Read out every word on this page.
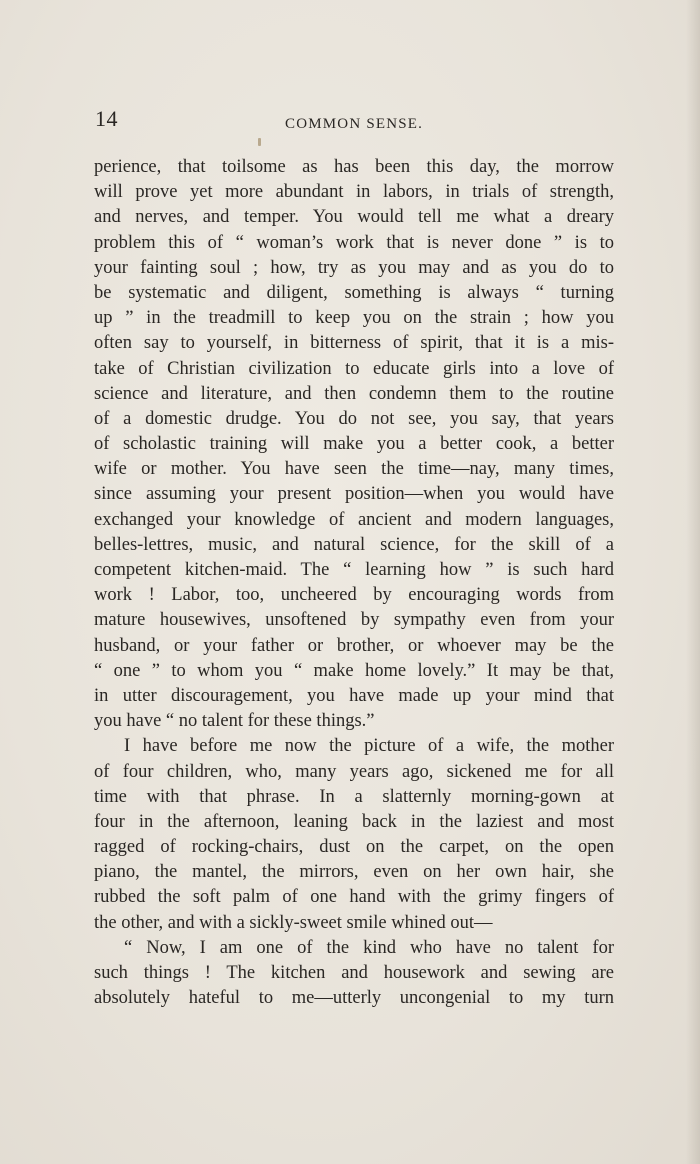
14	COMMON SENSE.
perience, that toilsome as has been this day, the morrow
will prove yet more abundant in labors, in trials of strength,
and nerves, and temper. You would tell me what a dreary
problem this of “ woman’s work that is never done ” is to
your fainting soul ; how, try as you may and as you do to
be systematic and diligent, something is always “ turning
up ” in the treadmill to keep you on the strain ; how you
often say to yourself, in bitterness of spirit, that it is a mis-
take of Christian civilization to educate girls into a love of
science and literature, and then condemn them to the routine
of a domestic drudge. You do not see, you say, that years
of scholastic training will make you a better cook, a better
wife or mother. You have seen the time—nay, many times,
since assuming your present position—when you would have
exchanged your knowledge of ancient and modern languages,
belles-lettres, music, and natural science, for the skill of a
competent kitchen-maid. The “ learning how ” is such hard
work ! Labor, too, uncheered by encouraging words from
mature housewives, unsoftened by sympathy even from your
husband, or your father or brother, or whoever may be the
“ one ” to whom you “ make home lovely.” It may be that,
in utter discouragement, you have made up your mind that
you have “ no talent for these things.”
I have before me now the picture of a wife, the mother
of four children, who, many years ago, sickened me for all
time with that phrase. In a slatternly morning-gown at
four in the afternoon, leaning back in the laziest and most
ragged of rocking-chairs, dust on the carpet, on the open
piano, the mantel, the mirrors, even on her own hair, she
rubbed the soft palm of one hand with the grimy fingers of
the other, and with a sickly-sweet smile whined out—
“ Now, I am one of the kind who have no talent for
such things ! The kitchen and housework and sewing are
absolutely hateful to me—utterly uncongenial to my turn
